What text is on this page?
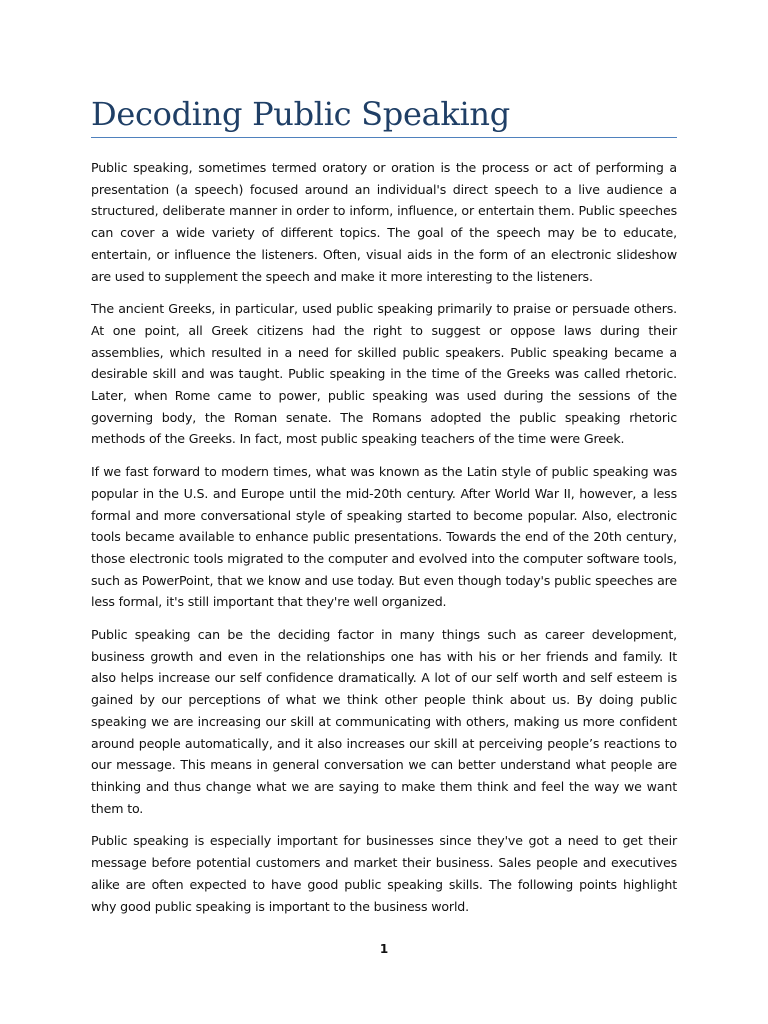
Decoding Public Speaking

Public speaking, sometimes termed oratory or oration is the process or act of performing a presentation (a speech) focused around an individual's direct speech to a live audience a structured, deliberate manner in order to inform, influence, or entertain them. Public speeches can cover a wide variety of different topics. The goal of the speech may be to educate, entertain, or influence the listeners. Often, visual aids in the form of an electronic slideshow are used to supplement the speech and make it more interesting to the listeners.

The ancient Greeks, in particular, used public speaking primarily to praise or persuade others. At one point, all Greek citizens had the right to suggest or oppose laws during their assemblies, which resulted in a need for skilled public speakers. Public speaking became a desirable skill and was taught. Public speaking in the time of the Greeks was called rhetoric. Later, when Rome came to power, public speaking was used during the sessions of the governing body, the Roman senate. The Romans adopted the public speaking rhetoric methods of the Greeks. In fact, most public speaking teachers of the time were Greek.

If we fast forward to modern times, what was known as the Latin style of public speaking was popular in the U.S. and Europe until the mid-20th century. After World War II, however, a less formal and more conversational style of speaking started to become popular. Also, electronic tools became available to enhance public presentations. Towards the end of the 20th century, those electronic tools migrated to the computer and evolved into the computer software tools, such as PowerPoint, that we know and use today. But even though today's public speeches are less formal, it's still important that they're well organized.

Public speaking can be the deciding factor in many things such as career development, business growth and even in the relationships one has with his or her friends and family. It also helps increase our self confidence dramatically. A lot of our self worth and self esteem is gained by our perceptions of what we think other people think about us. By doing public speaking we are increasing our skill at communicating with others, making us more confident around people automatically, and it also increases our skill at perceiving people’s reactions to our message. This means in general conversation we can better understand what people are thinking and thus change what we are saying to make them think and feel the way we want them to.

Public speaking is especially important for businesses since they've got a need to get their message before potential customers and market their business. Sales people and executives alike are often expected to have good public speaking skills. The following points highlight why good public speaking is important to the business world.

1
